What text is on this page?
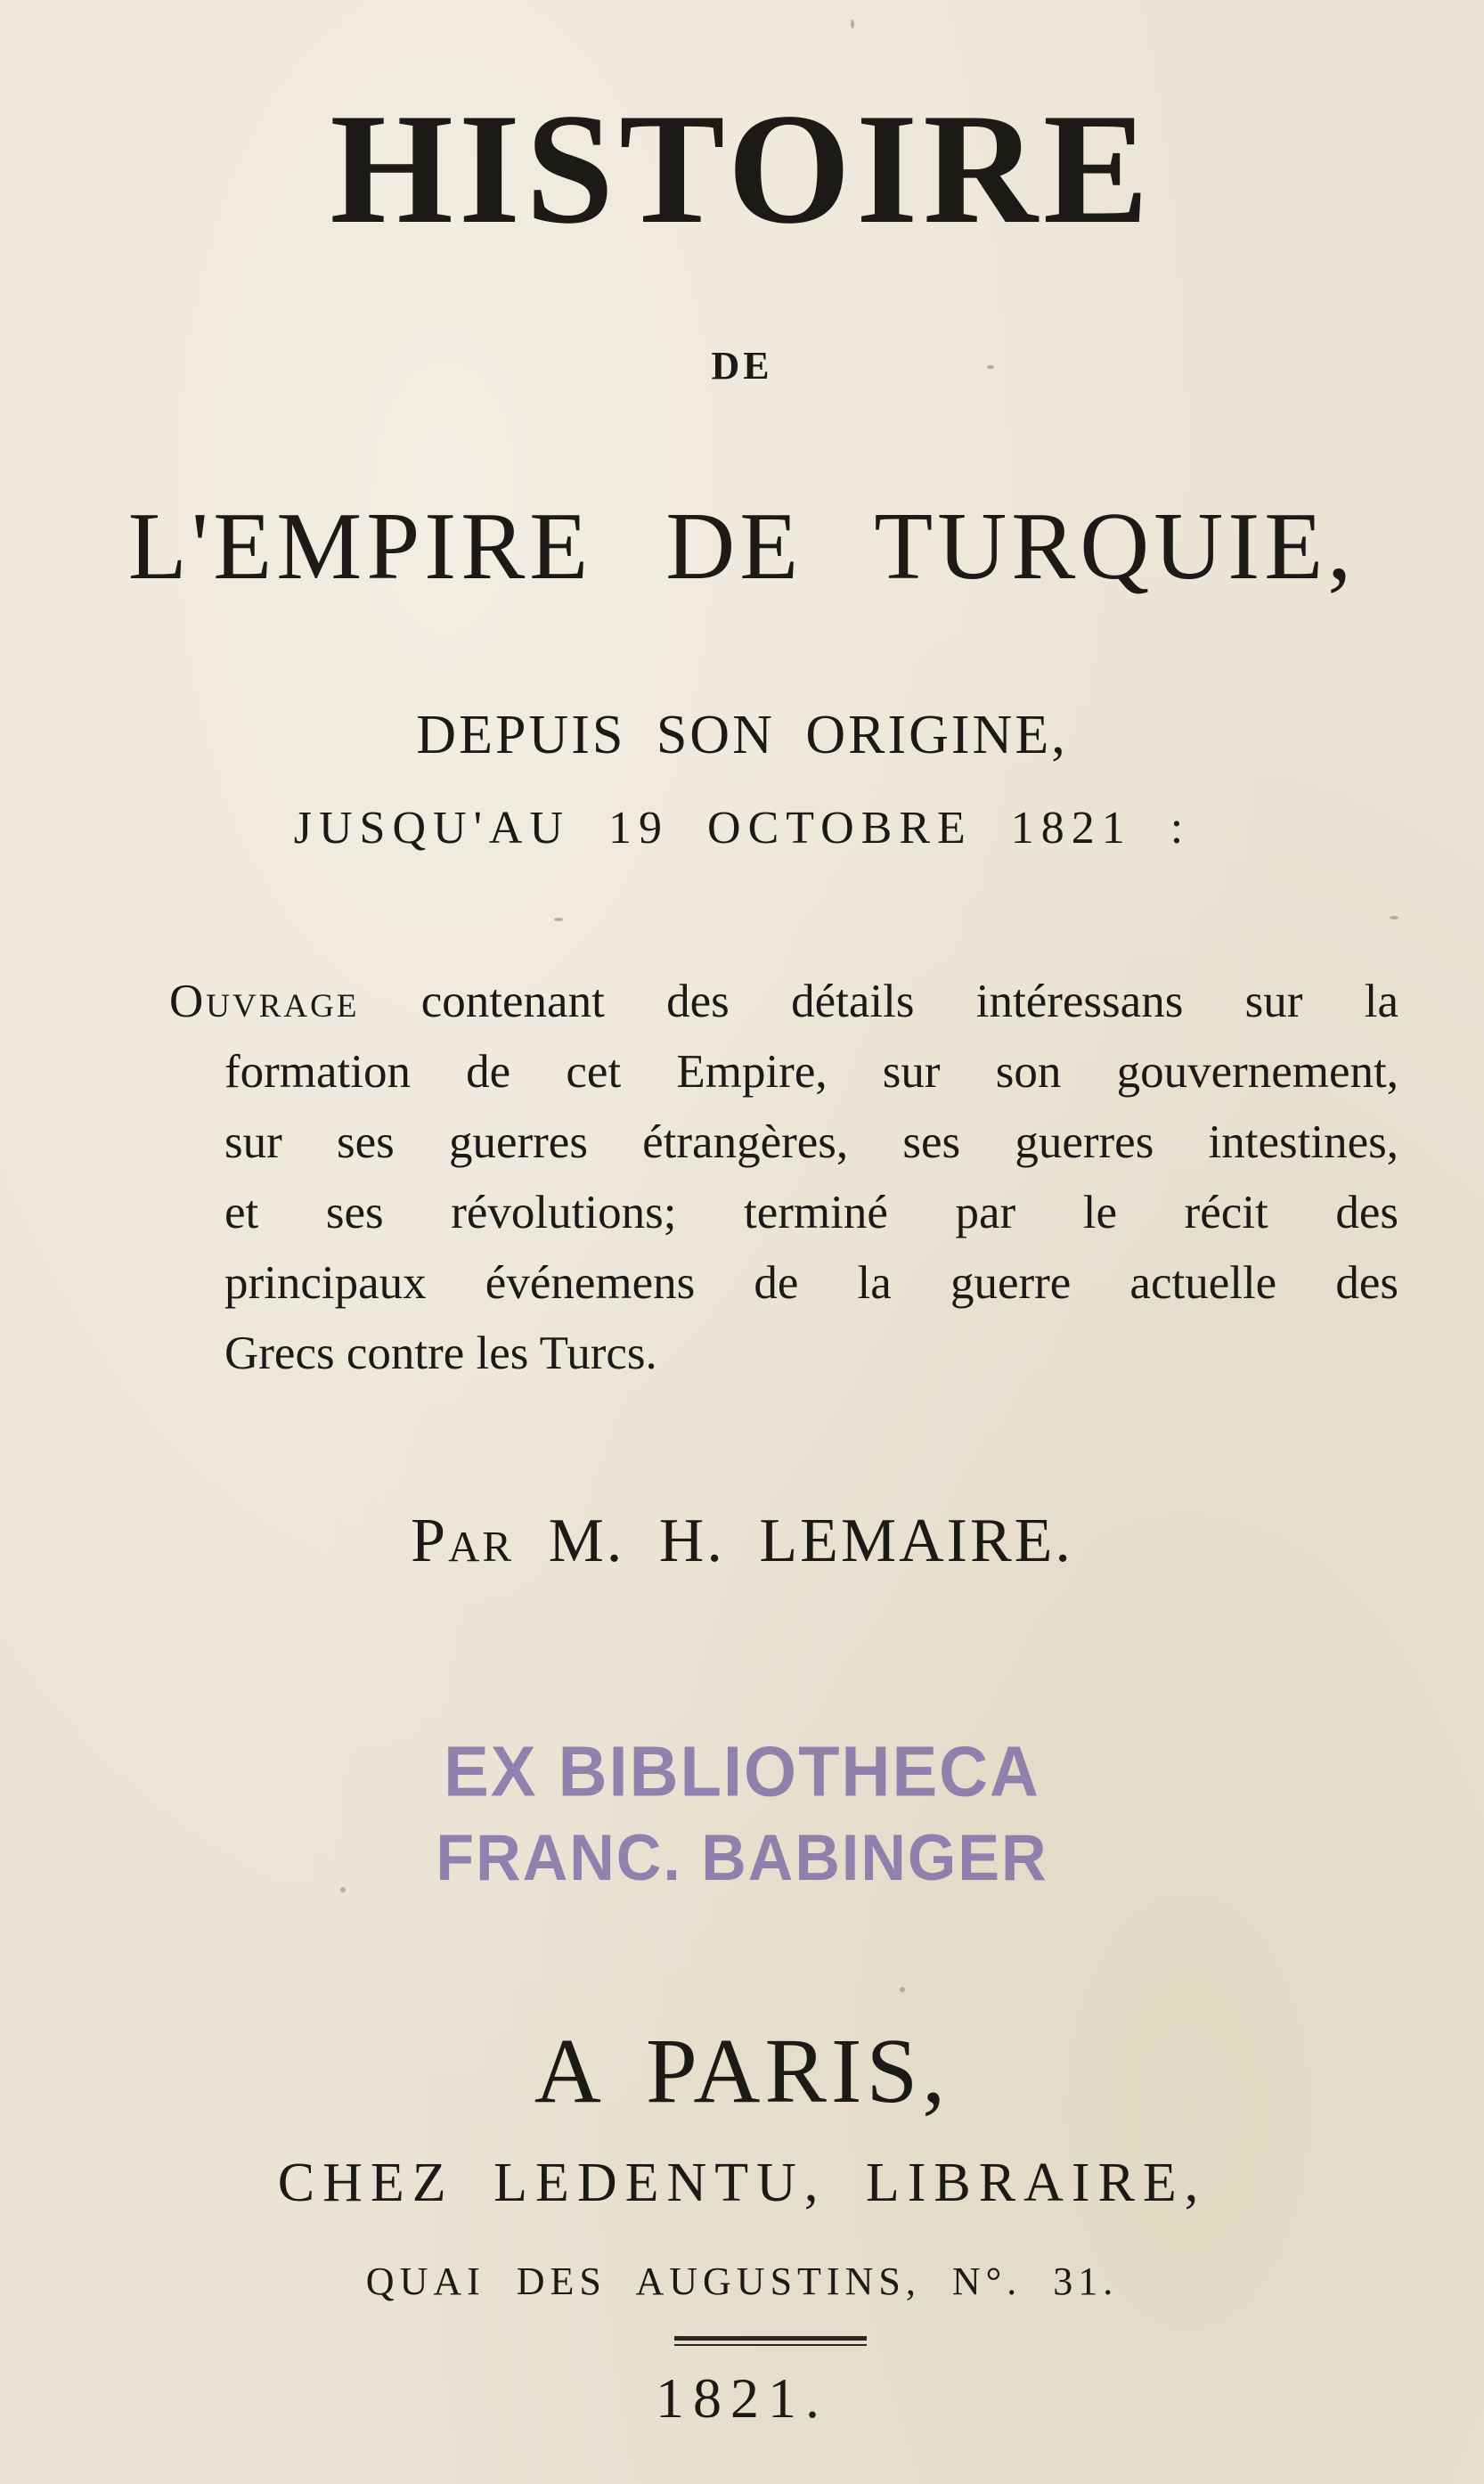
HISTOIRE
DE
L'EMPIRE DE TURQUIE,
DEPUIS SON ORIGINE,
JUSQU'AU 19 OCTOBRE 1821 :
Ouvrage contenant des détails intéressans sur la
formation de cet Empire, sur son gouvernement,
sur ses guerres étrangères, ses guerres intestines,
et ses révolutions; terminé par le récit des
principaux événemens de la guerre actuelle des
Grecs contre les Turcs.
Par M. H. LEMAIRE.
EX BIBLIOTHECA
FRANC. BABINGER
A PARIS,
CHEZ LEDENTU, LIBRAIRE,
QUAI DES AUGUSTINS, N°. 31.
1821.
